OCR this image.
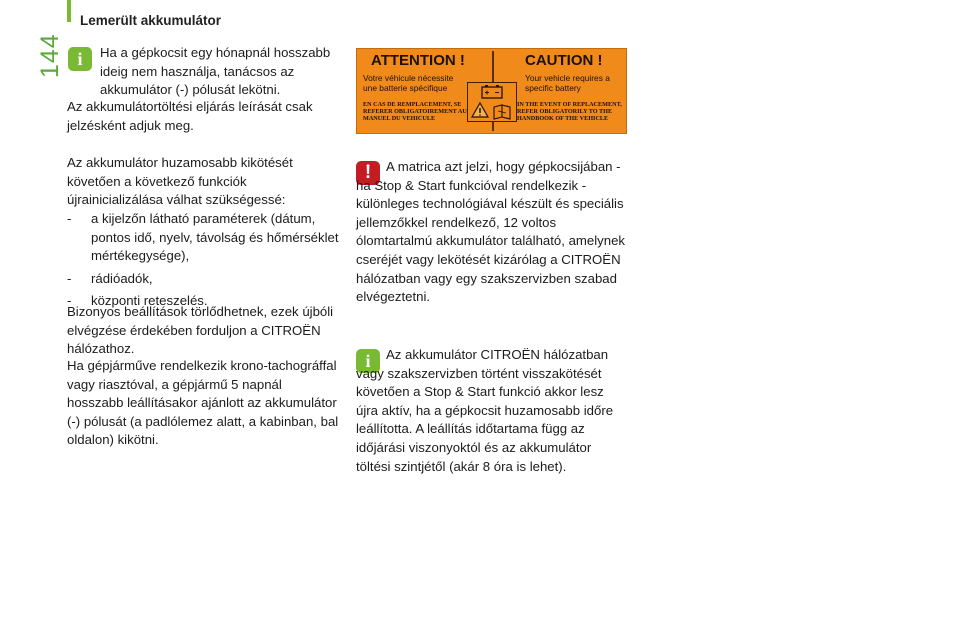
144
Lemerült akkumulátor
i Ha a gépkocsit egy hónapnál hosszabb ideig nem használja, tanácsos az akkumulátor (-) pólusát lekötni.

Az akkumulátortöltési eljárás leírását csak jelzésként adjuk meg.

Az akkumulátor huzamosabb kikötését követően a következő funkciók újrainicializálása válhat szükségessé:

- a kijelzőn látható paraméterek (dátum, pontos idő, nyelv, távolság és hőmérséklet mértékegysége),
- rádióadók,
- központi reteszelés.

Bizonyos beállítások törlődhetnek, ezek újbóli elvégzése érdekében forduljon a CITROËN hálózathoz.

Ha gépjárműve rendelkezik krono-tachográffal vagy riasztóval, a gépjármű 5 napnál hosszabb leállításakor ajánlott az akkumulátor (-) pólusát (a padlólemez alatt, a kabinban, bal oldalon) kikötni.

ATTENTION !	CAUTION !
Votre véhicule nécessite une batterie spécifique
Your vehicle requires a specific battery
EN CAS DE REMPLACEMENT, SE REFERER OBLIGATOIREMENT AU MANUEL DU VEHICULE
IN THE EVENT OF REPLACEMENT, REFER OBLIGATORILY TO THE HANDBOOK OF THE VEHICLE
!	A matrica azt jelzi, hogy gépkocsijában - ha Stop & Start funkcióval rendelkezik - különleges technológiával készült és speciális jellemzőkkel rendelkező, 12 voltos ólomtartalmú akkumulátor található, amelynek cseréjét vagy lekötését kizárólag a CITROËN hálózatban vagy egy szakszervizben szabad elvégeztetni.

i	Az akkumulátor CITROËN hálózatban vagy szakszervizben történt visszakötését követően a Stop & Start funkció akkor lesz újra aktív, ha a gépkocsit huzamosabb időre leállította. A leállítás időtartama függ az időjárási viszonyoktól és az akkumulátor töltési szintjétől (akár 8 óra is lehet).
